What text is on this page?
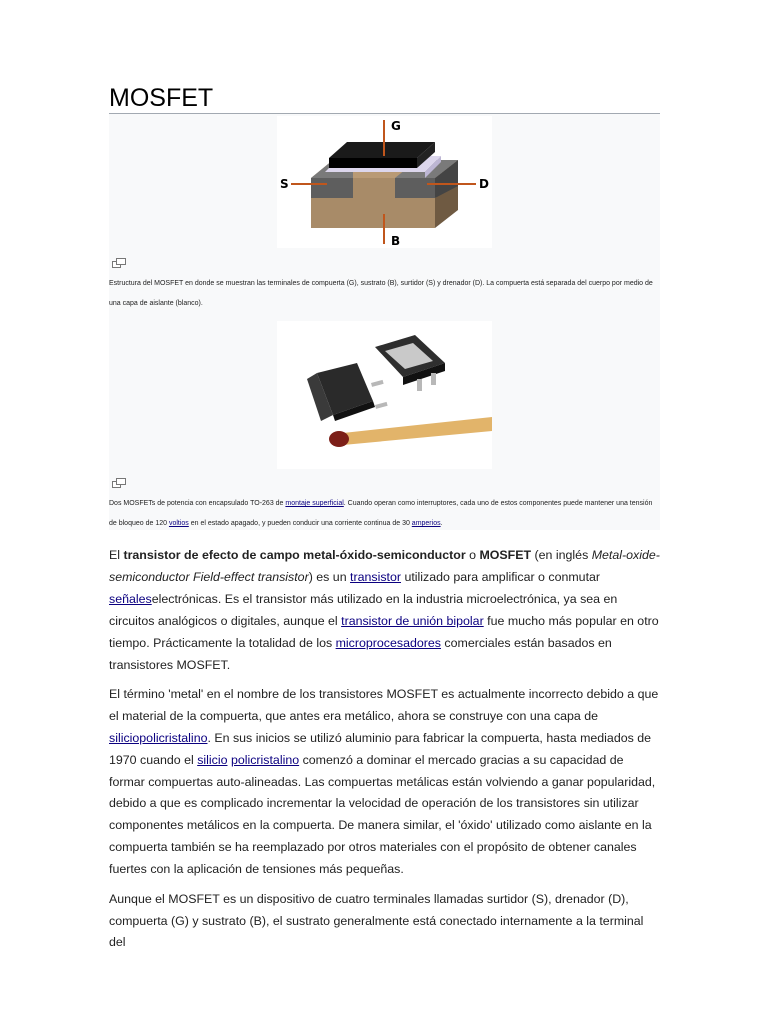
MOSFET
G
S	D
B
Estructura del MOSFET en donde se muestran las terminales de compuerta (G), sustrato (B), surtidor (S) y drenador (D). La compuerta está separada del cuerpo por medio de una capa de aislante (blanco).
Dos MOSFETs de potencia con encapsulado TO-263 de montaje superficial. Cuando operan como interruptores, cada uno de estos componentes puede mantener una tensión de bloqueo de 120 voltios en el estado apagado, y pueden conducir una corriente continua de 30 amperios.

El transistor de efecto de campo metal-óxido-semiconductor o MOSFET (en inglés Metal-oxide-semiconductor Field-effect transistor) es un transistor utilizado para amplificar o conmutar señaleselectrónicas. Es el transistor más utilizado en la industria microelectrónica, ya sea en circuitos analógicos o digitales, aunque el transistor de unión bipolar fue mucho más popular en otro tiempo. Prácticamente la totalidad de los microprocesadores comerciales están basados en transistores MOSFET.

El término 'metal' en el nombre de los transistores MOSFET es actualmente incorrecto debido a que el material de la compuerta, que antes era metálico, ahora se construye con una capa de siliciopolicristalino. En sus inicios se utilizó aluminio para fabricar la compuerta, hasta mediados de 1970 cuando el silicio policristalino comenzó a dominar el mercado gracias a su capacidad de formar compuertas auto-alineadas. Las compuertas metálicas están volviendo a ganar popularidad, debido a que es complicado incrementar la velocidad de operación de los transistores sin utilizar componentes metálicos en la compuerta. De manera similar, el 'óxido' utilizado como aislante en la compuerta también se ha reemplazado por otros materiales con el propósito de obtener canales fuertes con la aplicación de tensiones más pequeñas.

Aunque el MOSFET es un dispositivo de cuatro terminales llamadas surtidor (S), drenador (D), compuerta (G) y sustrato (B), el sustrato generalmente está conectado internamente a la terminal del
